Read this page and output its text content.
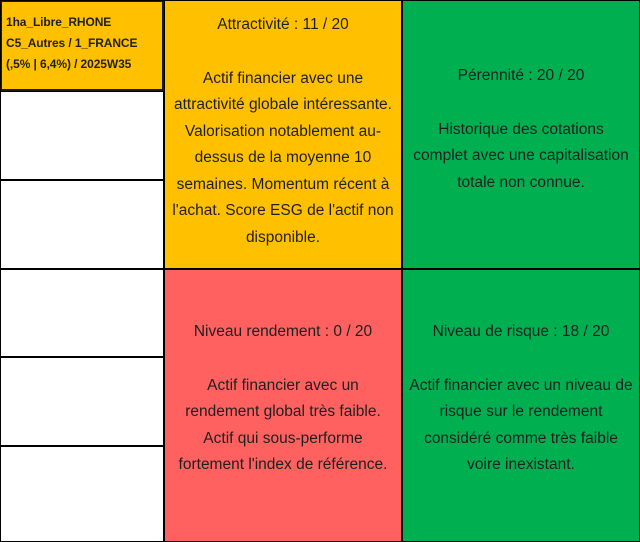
1ha_Libre_RHONE
C5_Autres / 1_FRANCE
(,5% | 6,4%) / 2025W35
Attractivité : 11 / 20
Actif financier avec une
attractivité globale intéressante.
Valorisation notablement au-
dessus de la moyenne 10
semaines. Momentum récent à
l'achat. Score ESG de l'actif non
disponible.
Pérennité : 20 / 20
Historique des cotations
complet avec une capitalisation
totale non connue.
Niveau rendement : 0 / 20
Actif financier avec un
rendement global très faible.
Actif qui sous-performe
fortement l'index de référence.
Niveau de risque : 18 / 20
Actif financier avec un niveau de
risque sur le rendement
considéré comme très faible
voire inexistant.
